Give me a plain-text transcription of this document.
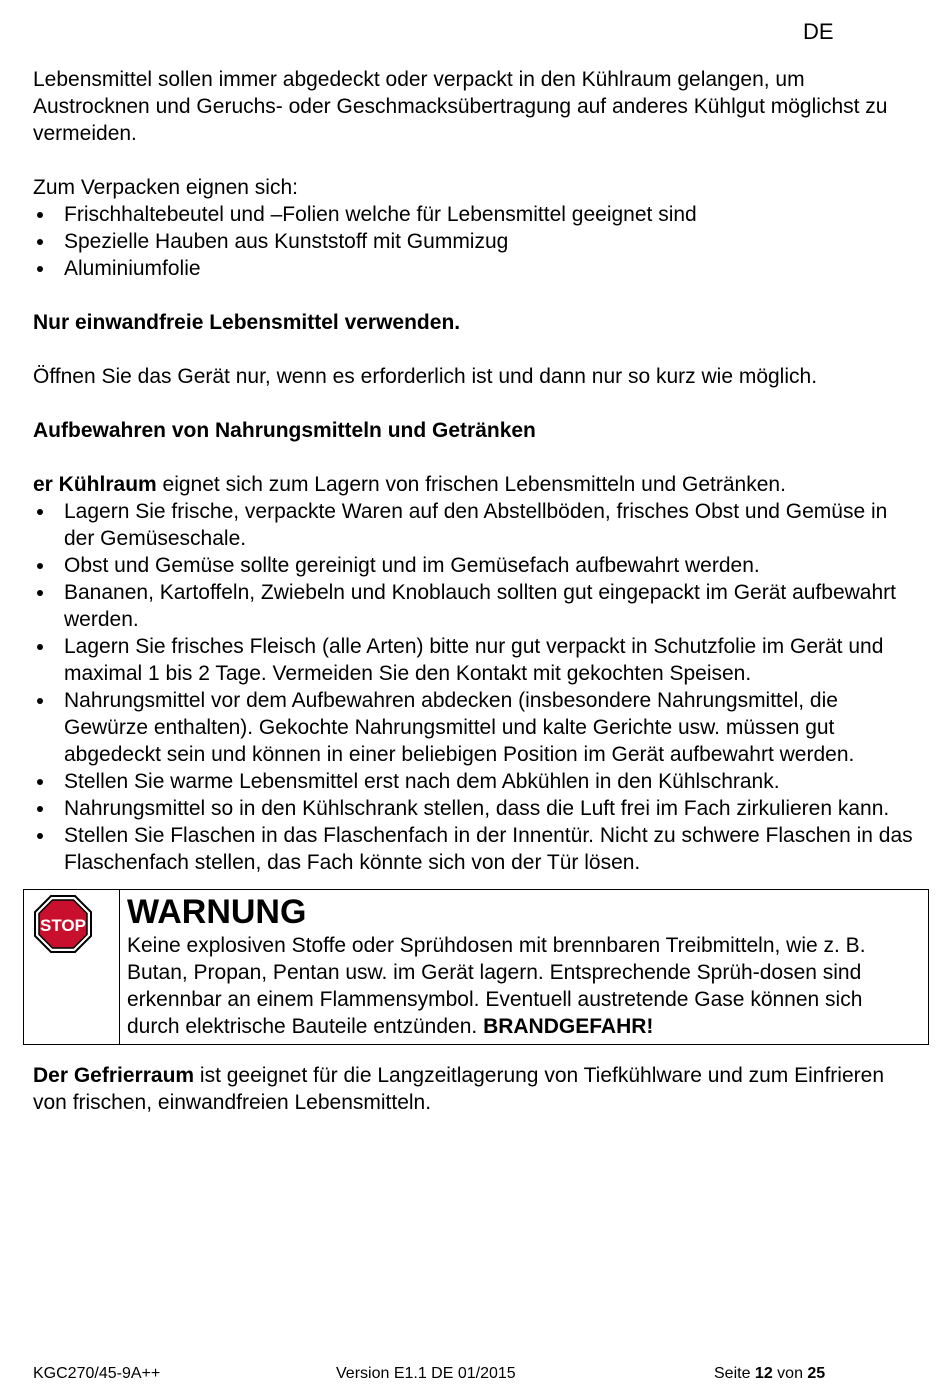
DE

Lebensmittel sollen immer abgedeckt oder verpackt in den Kühlraum gelangen, um Austrocknen und Geruchs- oder Geschmacksübertragung auf anderes Kühlgut möglichst zu vermeiden.

Zum Verpacken eignen sich:

Frischhaltebeutel und –Folien welche für Lebensmittel geeignet sind
Spezielle Hauben aus Kunststoff mit Gummizug
Aluminiumfolie

Nur einwandfreie Lebensmittel verwenden.

Öffnen Sie das Gerät nur, wenn es erforderlich ist und dann nur so kurz wie möglich.

Aufbewahren von Nahrungsmitteln und Getränken

er Kühlraum eignet sich zum Lagern von frischen Lebensmitteln und Getränken.

Lagern Sie frische, verpackte Waren auf den Abstellböden, frisches Obst und Gemüse in der Gemüseschale.
Obst und Gemüse sollte gereinigt und im Gemüsefach aufbewahrt werden.
Bananen, Kartoffeln, Zwiebeln und Knoblauch sollten gut eingepackt im Gerät aufbewahrt werden.
Lagern Sie frisches Fleisch (alle Arten) bitte nur gut verpackt in Schutzfolie im Gerät und maximal 1 bis 2 Tage. Vermeiden Sie den Kontakt mit gekochten Speisen.
Nahrungsmittel vor dem Aufbewahren abdecken (insbesondere Nahrungsmittel, die Gewürze enthalten). Gekochte Nahrungsmittel und kalte Gerichte usw. müssen gut abgedeckt sein und können in einer beliebigen Position im Gerät aufbewahrt werden.
Stellen Sie warme Lebensmittel erst nach dem Abkühlen in den Kühlschrank.
Nahrungsmittel so in den Kühlschrank stellen, dass die Luft frei im Fach zirkulieren kann.
Stellen Sie Flaschen in das Flaschenfach in der Innentür. Nicht zu schwere Flaschen in das Flaschenfach stellen, das Fach könnte sich von der Tür lösen.
STOP WARNUNG

Keine explosiven Stoffe oder Sprühdosen mit brennbaren Treibmitteln, wie z. B. Butan, Propan, Pentan usw. im Gerät lagern. Entsprechende Sprüh-dosen sind erkennbar an einem Flammensymbol. Eventuell austretende Gase können sich durch elektrische Bauteile entzünden. BRANDGEFAHR!

Der Gefrierraum ist geeignet für die Langzeitlagerung von Tiefkühlware und zum Einfrieren von frischen, einwandfreien Lebensmitteln.

KGC270/45-9A++	Version E1.1 DE 01/2015	Seite 12 von 25
